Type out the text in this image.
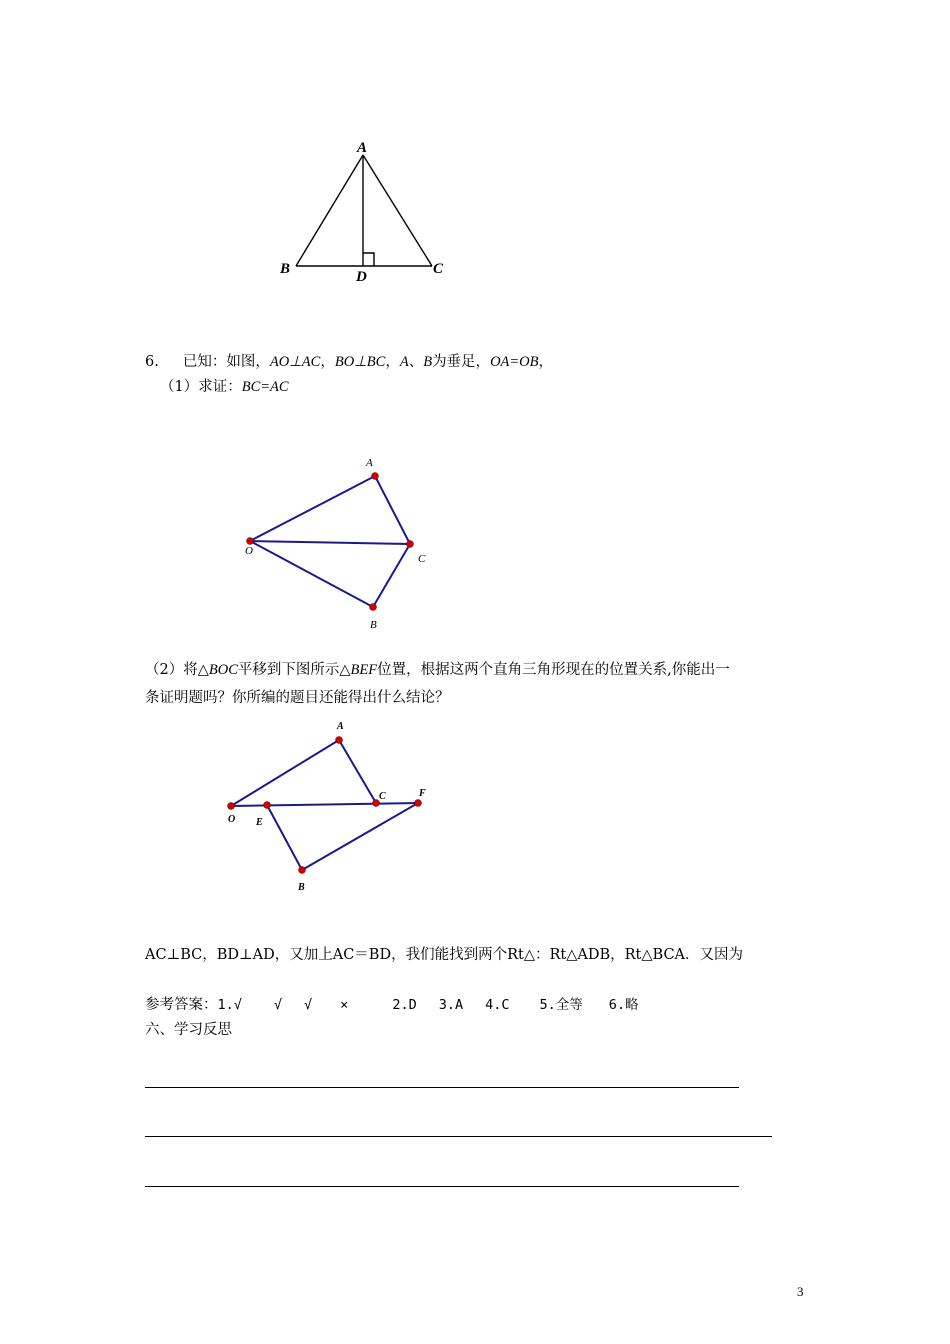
A
B	D	C
6. 已知：如图，AO⊥AC，BO⊥BC，A、B为垂足，OA=OB，
（1）求证：BC=AC
A
O
C
B
（2）将△BOC平移到下图所示△BEF位置，根据这两个直角三角形现在的位置关系,你能出一
条证明题吗？你所编的题目还能得出什么结论？
A
O E
C	F
B
AC⊥BC，BD⊥AD，又加上AC＝BD，我们能找到两个Rt△：Rt△ADB，Rt△BCA．又因为
参考答案：1.√ √ √ ×	2.D 3.A 4.C 5.全等 6.略
六、学习反思
3
